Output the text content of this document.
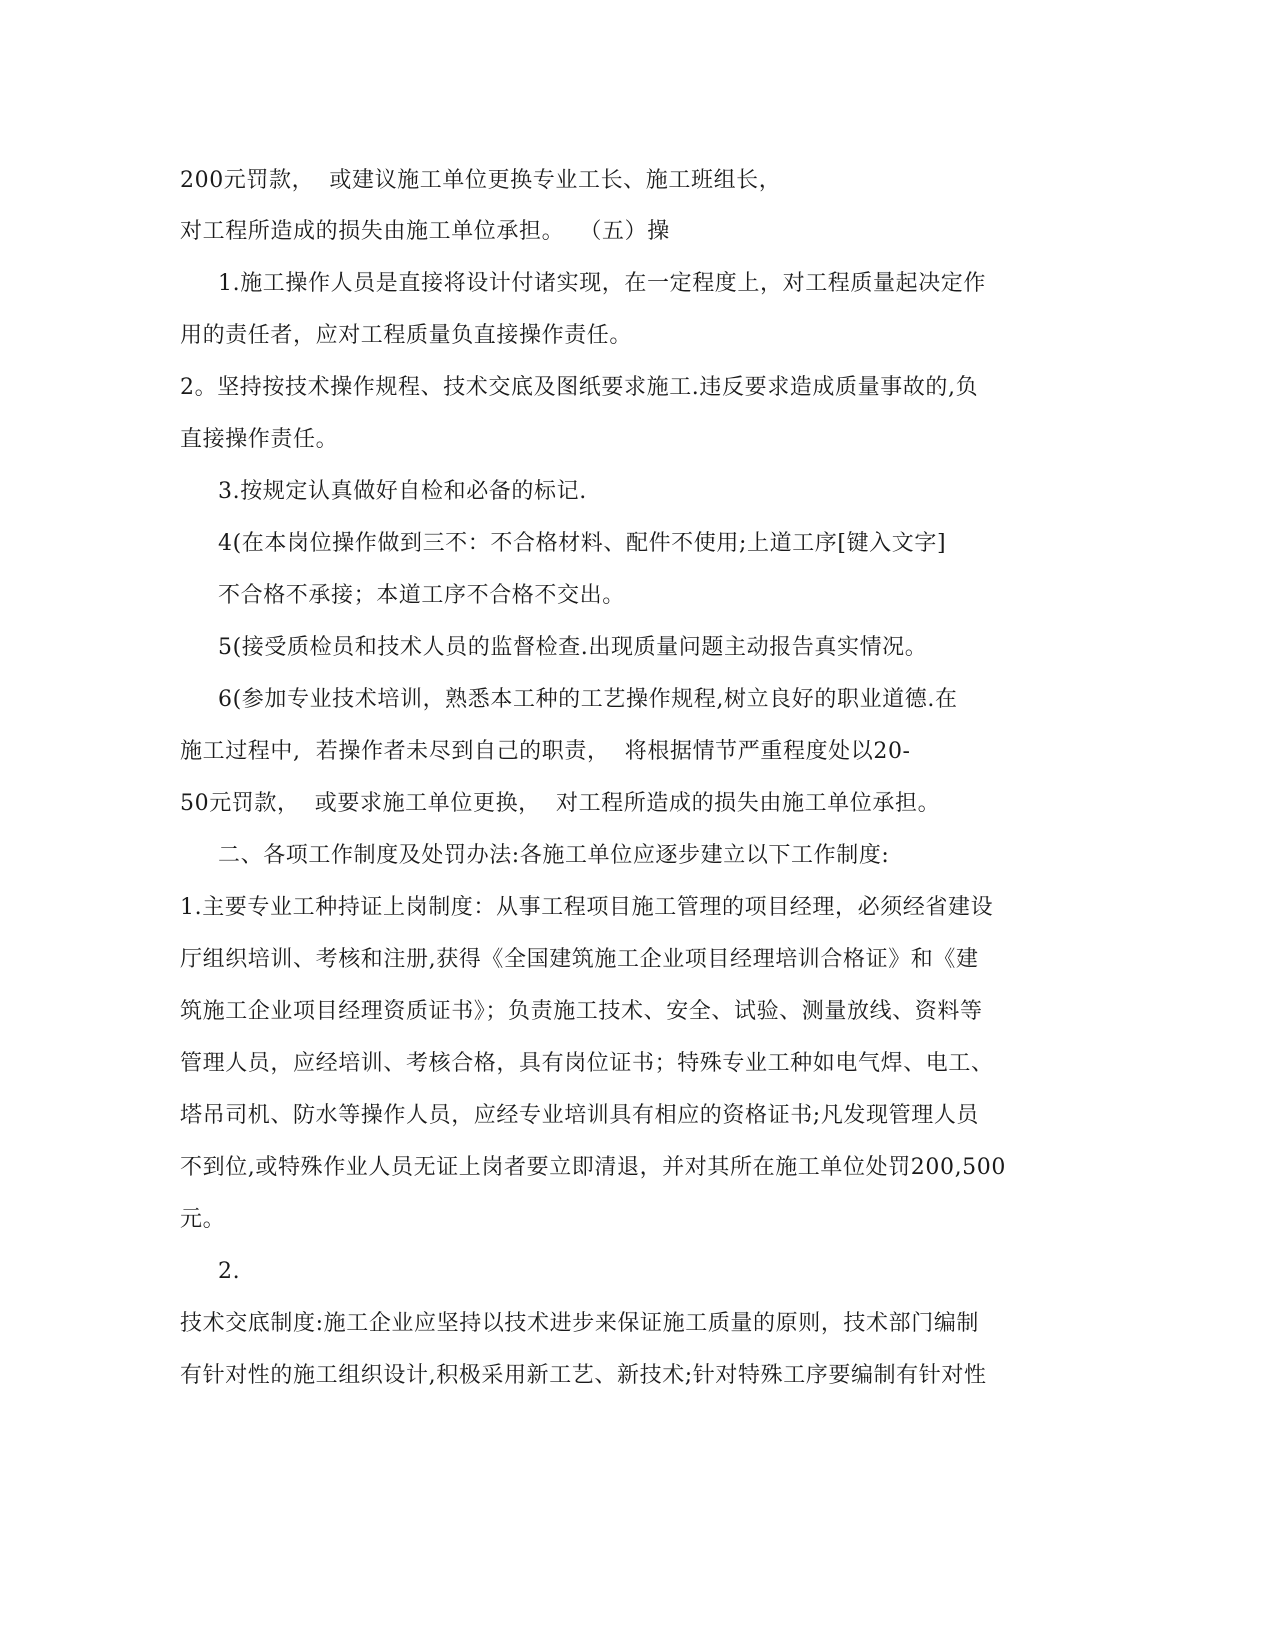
200元罚款，  或建议施工单位更换专业工长、施工班组长，
对工程所造成的损失由施工单位承担。  （五）操
1.施工操作人员是直接将设计付诸实现，在一定程度上，对工程质量起决定作
用的责任者，应对工程质量负直接操作责任。
2。坚持按技术操作规程、技术交底及图纸要求施工.违反要求造成质量事故的,负
直接操作责任。
3.按规定认真做好自检和必备的标记.
4(在本岗位操作做到三不：不合格材料、配件不使用;上道工序[键入文字]
不合格不承接；本道工序不合格不交出。
5(接受质检员和技术人员的监督检查.出现质量问题主动报告真实情况。
6(参加专业技术培训，熟悉本工种的工艺操作规程,树立良好的职业道德.在
施工过程中,  若操作者未尽到自己的职责，  将根据情节严重程度处以20-
50元罚款，  或要求施工单位更换，  对工程所造成的损失由施工单位承担。
二、各项工作制度及处罚办法:各施工单位应逐步建立以下工作制度:
1.主要专业工种持证上岗制度：从事工程项目施工管理的项目经理，必须经省建设
厅组织培训、考核和注册,获得《全国建筑施工企业项目经理培训合格证》和《建
筑施工企业项目经理资质证书》；负责施工技术、安全、试验、测量放线、资料等
管理人员，应经培训、考核合格，具有岗位证书；特殊专业工种如电气焊、电工、
塔吊司机、防水等操作人员，应经专业培训具有相应的资格证书;凡发现管理人员
不到位,或特殊作业人员无证上岗者要立即清退，并对其所在施工单位处罚200,500
元。
2.
技术交底制度:施工企业应坚持以技术进步来保证施工质量的原则，技术部门编制
有针对性的施工组织设计,积极采用新工艺、新技术;针对特殊工序要编制有针对性
